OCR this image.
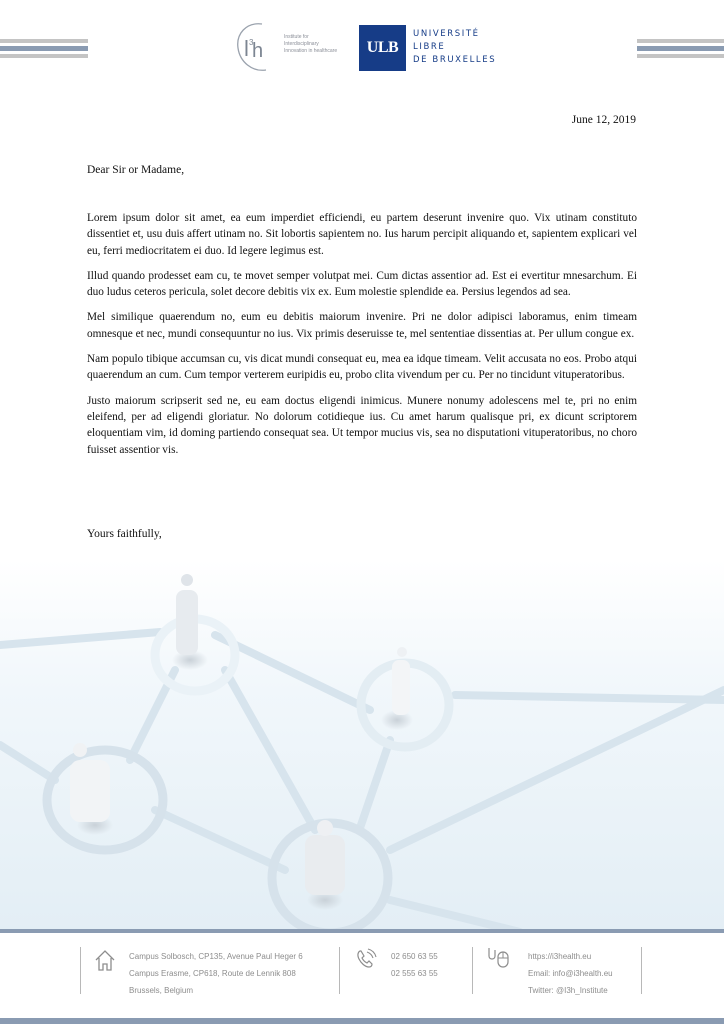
l 3
h
Institute for
Interdisciplinary
Innovation in healthcare	ULB
UNIVERSITÉ
LIBRE
DE BRUXELLES
June 12, 2019
Dear Sir or Madame,

Lorem ipsum dolor sit amet, ea eum imperdiet efficiendi, eu partem deserunt invenire quo. Vix utinam constituto dissentiet et, usu duis affert utinam no. Sit lobortis sapientem no. Ius harum percipit aliquando et, sapientem explicari vel eu, ferri mediocritatem ei duo. Id legere legimus est.

Illud quando prodesset eam cu, te movet semper volutpat mei. Cum dictas assentior ad. Est ei evertitur mnesarchum. Ei duo ludus ceteros pericula, solet decore debitis vix ex. Eum molestie splendide ea. Persius legendos ad sea.

Mel similique quaerendum no, eum eu debitis maiorum invenire. Pri ne dolor adipisci laboramus, enim timeam omnesque et nec, mundi consequuntur no ius. Vix primis deseruisse te, mel sententiae dissentias at. Per ullum congue ex.

Nam populo tibique accumsan cu, vis dicat mundi consequat eu, mea ea idque timeam. Velit accusata no eos. Probo atqui quaerendum an cum. Cum tempor verterem euripidis eu, probo clita vivendum per cu. Per no tincidunt vituperatoribus.

Justo maiorum scripserit sed ne, eu eam doctus eligendi inimicus. Munere nonumy adolescens mel te, pri no enim eleifend, per ad eligendi gloriatur. No dolorum cotidieque ius. Cu amet harum qualisque pri, ex dicunt scriptorem eloquentiam vim, id doming partiendo consequat sea. Ut tempor mucius vis, sea no disputationi vituperatoribus, no choro fuisset assentior vis.

Yours faithfully,
Campus Solbosch, CP135, Avenue Paul Heger 6
Campus Erasme, CP618, Route de Lennik 808
Brussels, Belgium
02 650 63 55
02 555 63 55
https://i3health.eu
Email: info@i3health.eu
Twitter: @I3h_Institute
